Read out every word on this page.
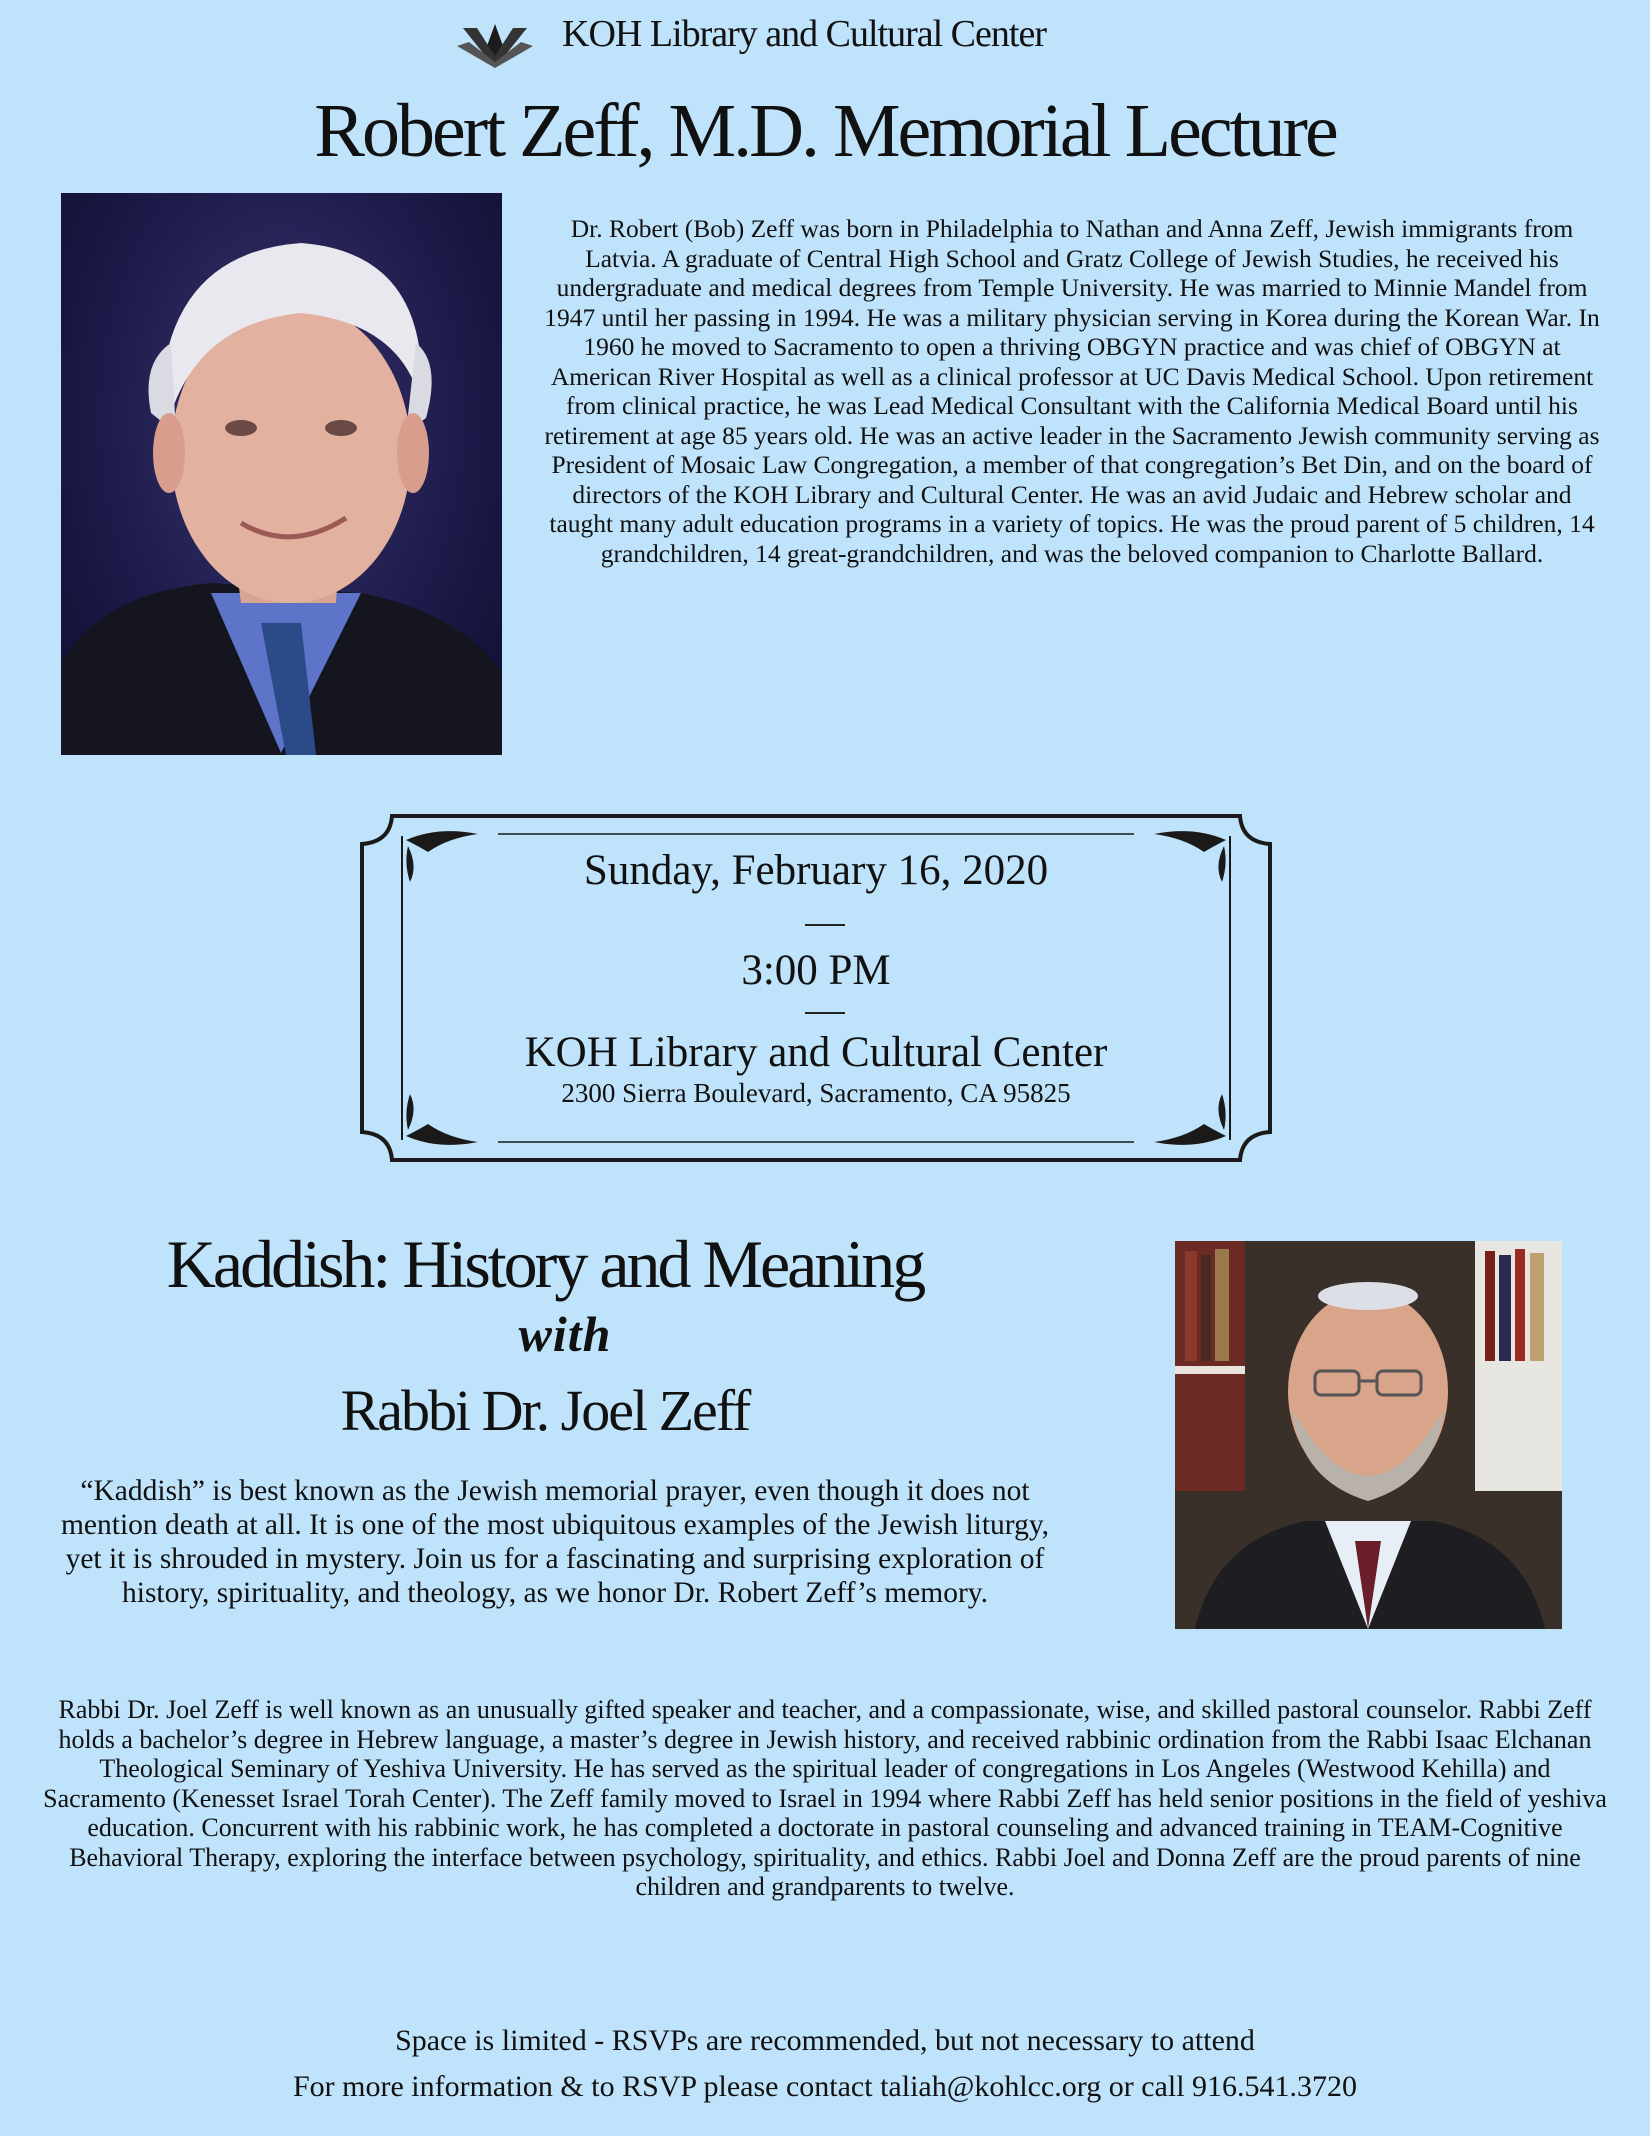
KOH Library and Cultural Center
Robert Zeff, M.D. Memorial Lecture
Dr. Robert (Bob) Zeff was born in Philadelphia to Nathan and Anna Zeff, Jewish immigrants from Latvia. A graduate of Central High School and Gratz College of Jewish Studies, he received his undergraduate and medical degrees from Temple University. He was married to Minnie Mandel from 1947 until her passing in 1994. He was a military physician serving in Korea during the Korean War. In 1960 he moved to Sacramento to open a thriving OBGYN practice and was chief of OBGYN at American River Hospital as well as a clinical professor at UC Davis Medical School. Upon retirement from clinical practice, he was Lead Medical Consultant with the California Medical Board until his retirement at age 85 years old. He was an active leader in the Sacramento Jewish community serving as President of Mosaic Law Congregation, a member of that congregation’s Bet Din, and on the board of directors of the KOH Library and Cultural Center. He was an avid Judaic and Hebrew scholar and taught many adult education programs in a variety of topics. He was the proud parent of 5 children, 14 grandchildren, 14 great-grandchildren, and was the beloved companion to Charlotte Ballard.
Sunday, February 16, 2020
3:00 PM
KOH Library and Cultural Center
2300 Sierra Boulevard, Sacramento, CA 95825
Kaddish: History and Meaning
with
Rabbi Dr. Joel Zeff
“Kaddish” is best known as the Jewish memorial prayer, even though it does not mention death at all. It is one of the most ubiquitous examples of the Jewish liturgy, yet it is shrouded in mystery. Join us for a fascinating and surprising exploration of history, spirituality, and theology, as we honor Dr. Robert Zeff’s memory.
Rabbi Dr. Joel Zeff is well known as an unusually gifted speaker and teacher, and a compassionate, wise, and skilled pastoral counselor. Rabbi Zeff holds a bachelor’s degree in Hebrew language, a master’s degree in Jewish history, and received rabbinic ordination from the Rabbi Isaac Elchanan Theological Seminary of Yeshiva University. He has served as the spiritual leader of congregations in Los Angeles (Westwood Kehilla) and Sacramento (Kenesset Israel Torah Center). The Zeff family moved to Israel in 1994 where Rabbi Zeff has held senior positions in the field of yeshiva education. Concurrent with his rabbinic work, he has completed a doctorate in pastoral counseling and advanced training in TEAM-Cognitive Behavioral Therapy, exploring the interface between psychology, spirituality, and ethics. Rabbi Joel and Donna Zeff are the proud parents of nine children and grandparents to twelve.
Space is limited - RSVPs are recommended, but not necessary to attend
For more information & to RSVP please contact taliah@kohlcc.org or call 916.541.3720
